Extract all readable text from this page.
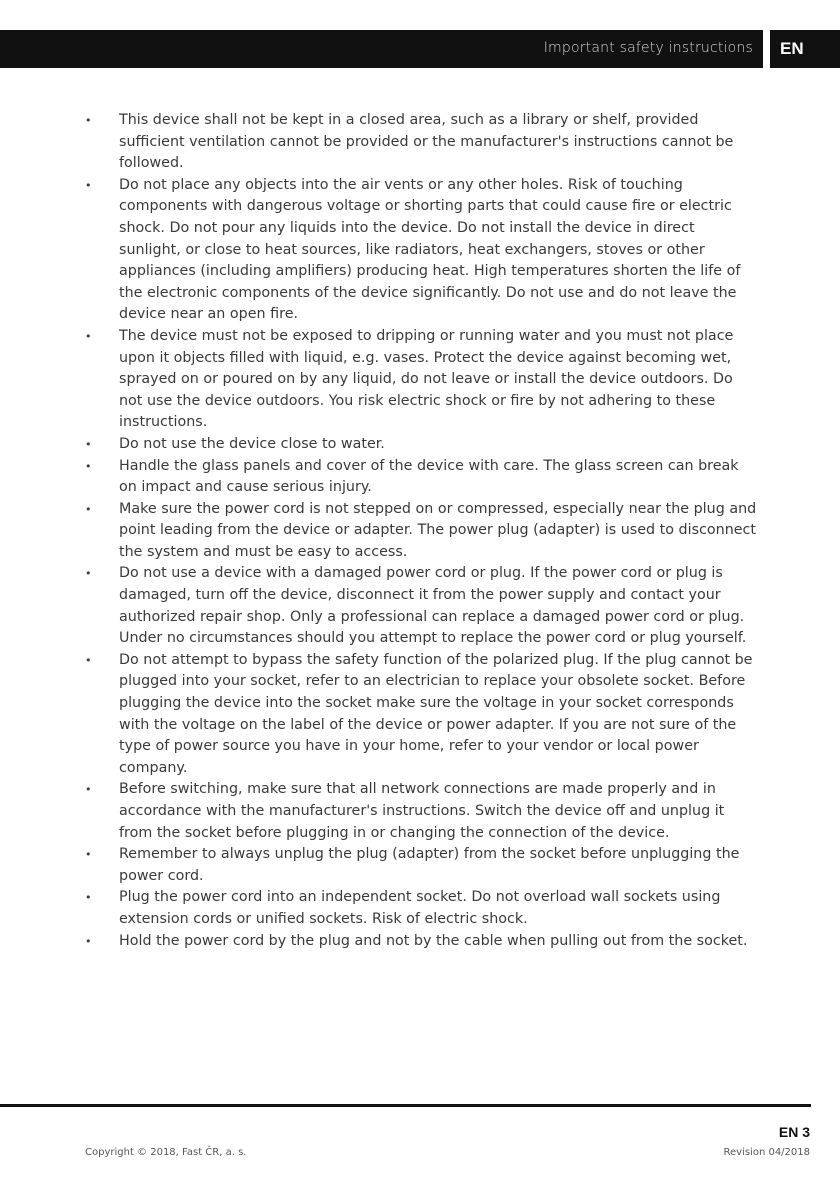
Important safety instructions	EN
• This device shall not be kept in a closed area, such as a library or shelf, provided sufficient ventilation cannot be provided or the manufacturer's instructions cannot be followed.
• Do not place any objects into the air vents or any other holes. Risk of touching components with dangerous voltage or shorting parts that could cause fire or electric shock. Do not pour any liquids into the device. Do not install the device in direct sunlight, or close to heat sources, like radiators, heat exchangers, stoves or other appliances (including amplifiers) producing heat. High temperatures shorten the life of the electronic components of the device significantly. Do not use and do not leave the device near an open fire.
• The device must not be exposed to dripping or running water and you must not place upon it objects filled with liquid, e.g. vases. Protect the device against becoming wet, sprayed on or poured on by any liquid, do not leave or install the device outdoors. Do not use the device outdoors. You risk electric shock or fire by not adhering to these instructions.
• Do not use the device close to water.
• Handle the glass panels and cover of the device with care. The glass screen can break on impact and cause serious injury.
• Make sure the power cord is not stepped on or compressed, especially near the plug and point leading from the device or adapter. The power plug (adapter) is used to disconnect the system and must be easy to access.
• Do not use a device with a damaged power cord or plug. If the power cord or plug is damaged, turn off the device, disconnect it from the power supply and contact your authorized repair shop. Only a professional can replace a damaged power cord or plug. Under no circumstances should you attempt to replace the power cord or plug yourself.
• Do not attempt to bypass the safety function of the polarized plug. If the plug cannot be plugged into your socket, refer to an electrician to replace your obsolete socket. Before plugging the device into the socket make sure the voltage in your socket corresponds with the voltage on the label of the device or power adapter. If you are not sure of the type of power source you have in your home, refer to your vendor or local power company.
• Before switching, make sure that all network connections are made properly and in accordance with the manufacturer's instructions. Switch the device off and unplug it from the socket before plugging in or changing the connection of the device.
• Remember to always unplug the plug (adapter) from the socket before unplugging the power cord.
• Plug the power cord into an independent socket. Do not overload wall sockets using extension cords or unified sockets. Risk of electric shock.
• Hold the power cord by the plug and not by the cable when pulling out from the socket.
EN 3
Copyright © 2018, Fast ČR, a. s.	Revision 04/2018
